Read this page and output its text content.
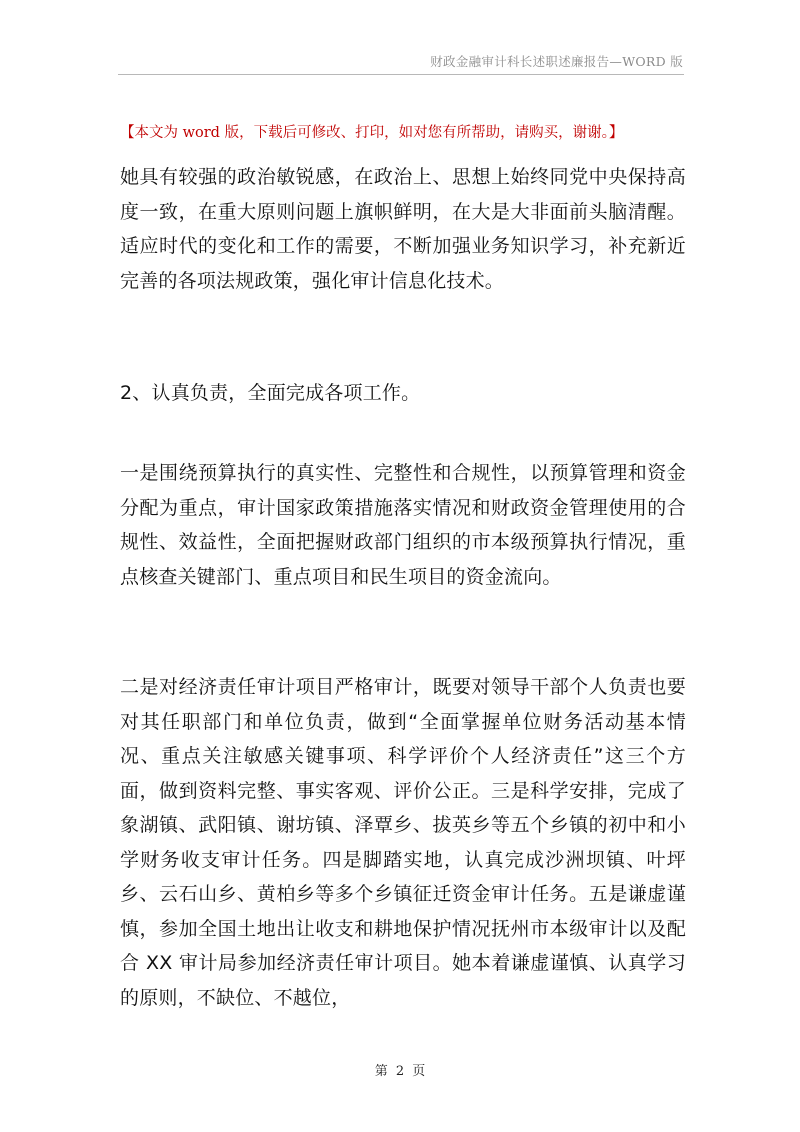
财政金融审计科长述职述廉报告—WORD 版
【本文为 word 版，下载后可修改、打印，如对您有所帮助，请购买，谢谢。】
她具有较强的政治敏锐感，在政治上、思想上始终同党中央保持高度一致，在重大原则问题上旗帜鲜明，在大是大非面前头脑清醒。适应时代的变化和工作的需要，不断加强业务知识学习，补充新近完善的各项法规政策，强化审计信息化技术。
2、认真负责，全面完成各项工作。
一是围绕预算执行的真实性、完整性和合规性，以预算管理和资金分配为重点，审计国家政策措施落实情况和财政资金管理使用的合规性、效益性，全面把握财政部门组织的市本级预算执行情况，重点核查关键部门、重点项目和民生项目的资金流向。
二是对经济责任审计项目严格审计，既要对领导干部个人负责也要对其任职部门和单位负责，做到“全面掌握单位财务活动基本情况、重点关注敏感关键事项、科学评价个人经济责任”这三个方面，做到资料完整、事实客观、评价公正。三是科学安排，完成了象湖镇、武阳镇、谢坊镇、泽覃乡、拔英乡等五个乡镇的初中和小学财务收支审计任务。四是脚踏实地，认真完成沙洲坝镇、叶坪乡、云石山乡、黄柏乡等多个乡镇征迁资金审计任务。五是谦虚谨慎，参加全国土地出让收支和耕地保护情况抚州市本级审计以及配合 XX 审计局参加经济责任审计项目。她本着谦虚谨慎、认真学习的原则，不缺位、不越位，
第 2 页
